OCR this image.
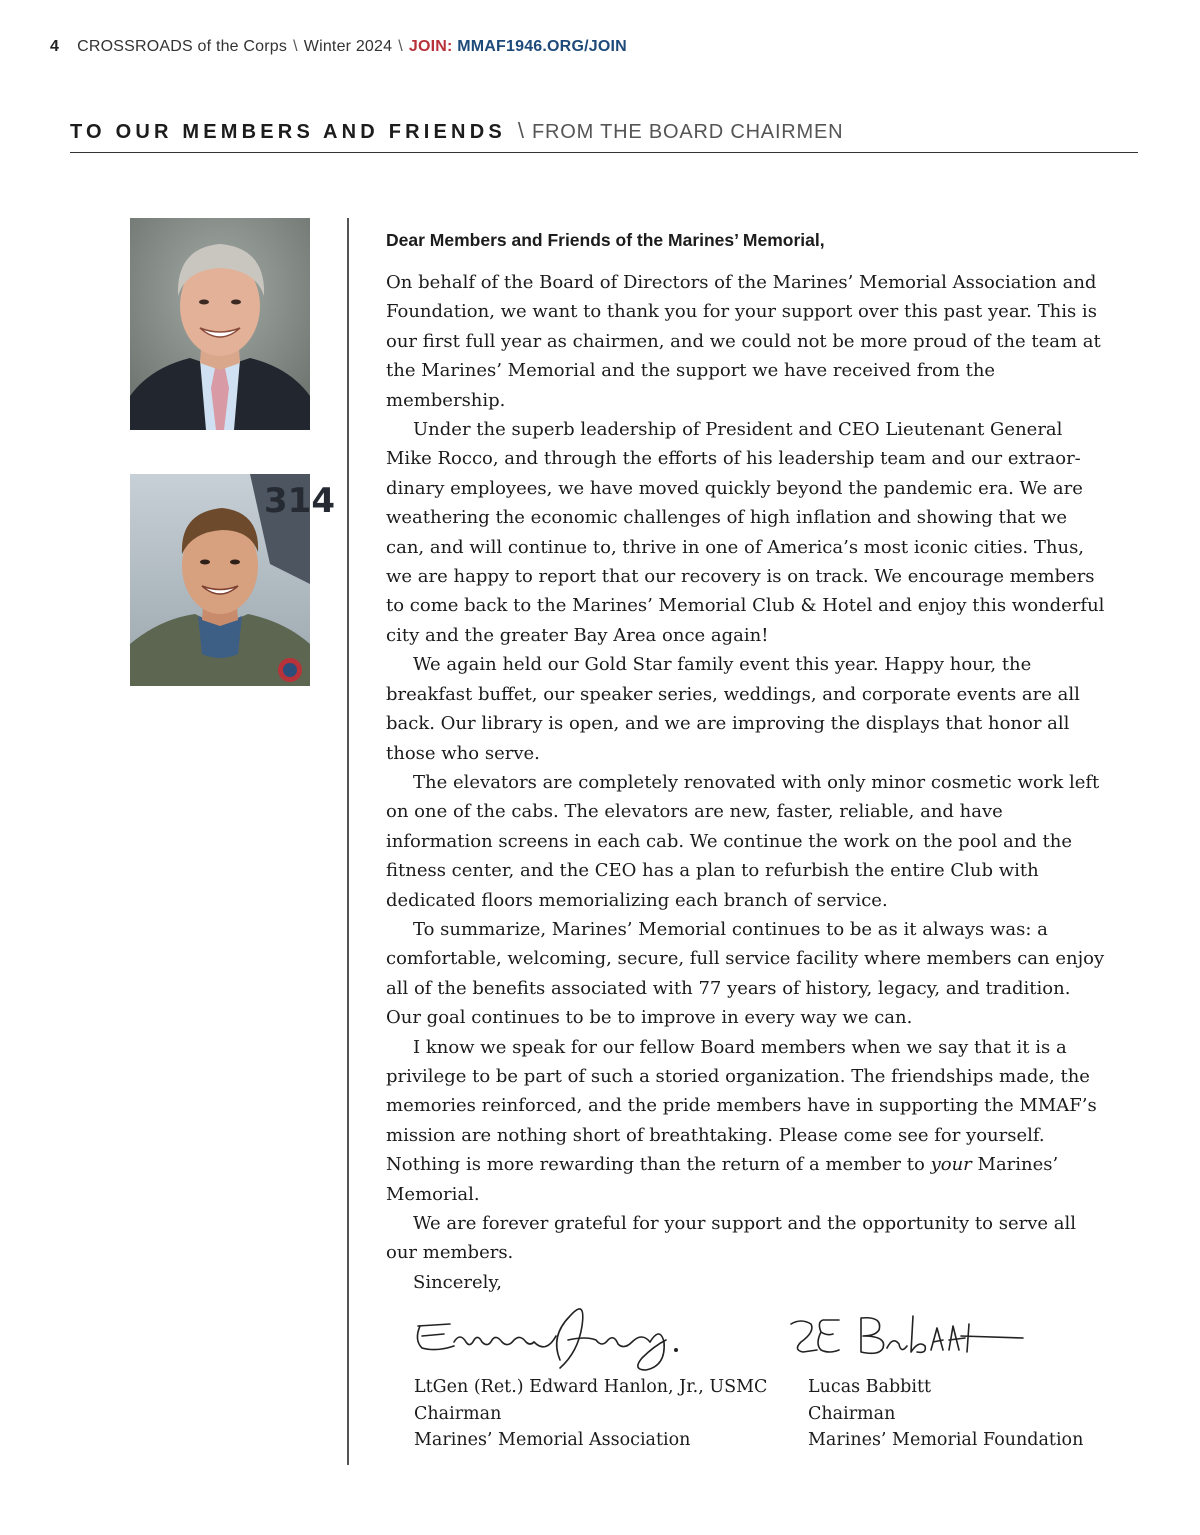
4 CROSSROADS of the Corps \ Winter 2024 \ JOIN: MMAF1946.ORG/JOIN
TO OUR MEMBERS AND FRIENDS \ FROM THE BOARD CHAIRMEN
314
Dear Members and Friends of the Marines’ Memorial,

On behalf of the Board of Directors of the Marines’ Memorial Association and Foundation, we want to thank you for your support over this past year. This is our first full year as chairmen, and we could not be more proud of the team at the Marines’ Memorial and the support we have received from the membership.

Under the superb leadership of President and CEO Lieutenant General Mike Rocco, and through the efforts of his leadership team and our extraordinary employees, we have moved quickly beyond the pandemic era. We are weathering the economic challenges of high inflation and showing that we can, and will continue to, thrive in one of America’s most iconic cities. Thus, we are happy to report that our recovery is on track. We encourage members to come back to the Marines’ Memorial Club & Hotel and enjoy this wonderful city and the greater Bay Area once again!

We again held our Gold Star family event this year. Happy hour, the breakfast buffet, our speaker series, weddings, and corporate events are all back. Our library is open, and we are improving the displays that honor all those who serve.

The elevators are completely renovated with only minor cosmetic work left on one of the cabs. The elevators are new, faster, reliable, and have information screens in each cab. We continue the work on the pool and the fitness center, and the CEO has a plan to refurbish the entire Club with dedicated floors memorializing each branch of service.

To summarize, Marines’ Memorial continues to be as it always was: a comfortable, welcoming, secure, full service facility where members can enjoy all of the benefits associated with 77 years of history, legacy, and tradition. Our goal continues to be to improve in every way we can.

I know we speak for our fellow Board members when we say that it is a privilege to be part of such a storied organization. The friendships made, the memories reinforced, and the pride members have in supporting the MMAF’s mission are nothing short of breathtaking. Please come see for yourself. Nothing is more rewarding than the return of a member to your Marines’ Memorial.

We are forever grateful for your support and the opportunity to serve all our members.

Sincerely,
LtGen (Ret.) Edward Hanlon, Jr., USMC
Chairman
Marines’ Memorial Association
Lucas Babbitt
Chairman
Marines’ Memorial Foundation
